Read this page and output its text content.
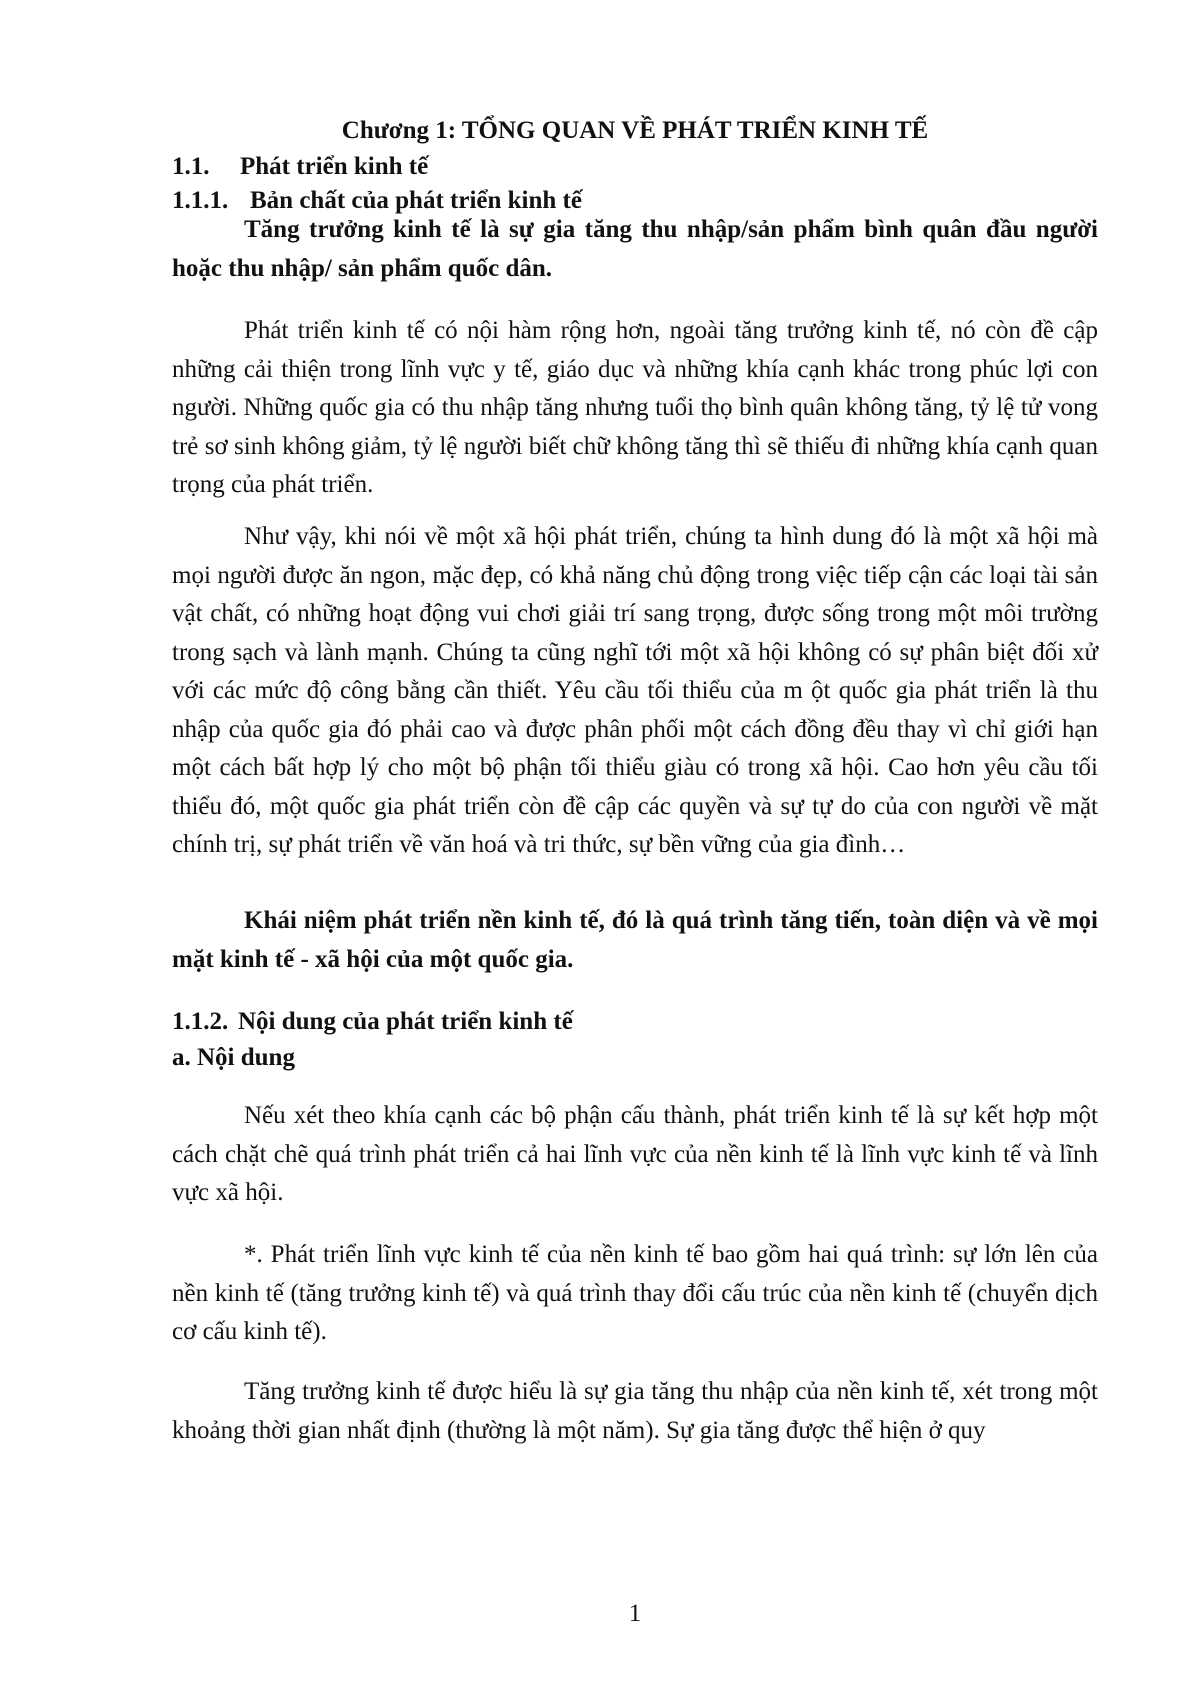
Chương 1: TỔNG QUAN VỀ PHÁT TRIỂN KINH TẾ
1.1. Phát triển kinh tế
1.1.1. Bản chất của phát triển kinh tế

Tăng trưởng kinh tế là sự gia tăng thu nhập/sản phẩm bình quân đầu người hoặc thu nhập/ sản phẩm quốc dân.

Phát triển kinh tế có nội hàm rộng hơn, ngoài tăng trưởng kinh tế, nó còn đề cập những cải thiện trong lĩnh vực y tế, giáo dục và những khía cạnh khác trong phúc lợi con người. Những quốc gia có thu nhập tăng nhưng tuổi thọ bình quân không tăng, tỷ lệ tử vong trẻ sơ sinh không giảm, tỷ lệ người biết chữ không tăng thì sẽ thiếu đi những khía cạnh quan trọng của phát triển.

Như vậy, khi nói về một xã hội phát triển, chúng ta hình dung đó là một xã hội mà mọi người được ăn ngon, mặc đẹp, có khả năng chủ động trong việc tiếp cận các loại tài sản vật chất, có những hoạt động vui chơi giải trí sang trọng, được sống trong một môi trường trong sạch và lành mạnh. Chúng ta cũng nghĩ tới một xã hội không có sự phân biệt đối xử với các mức độ công bằng cần thiết. Yêu cầu tối thiểu của m ột quốc gia phát triển là thu nhập của quốc gia đó phải cao và được phân phối một cách đồng đều thay vì chỉ giới hạn một cách bất hợp lý cho một bộ phận tối thiểu giàu có trong xã hội. Cao hơn yêu cầu tối thiểu đó, một quốc gia phát triển còn đề cập các quyền và sự tự do của con người về mặt chính trị, sự phát triển về văn hoá và tri thức, sự bền vững của gia đình…

Khái niệm phát triển nền kinh tế, đó là quá trình tăng tiến, toàn diện và về mọi mặt kinh tế - xã hội của một quốc gia.

1.1.2. Nội dung của phát triển kinh tế
a. Nội dung

Nếu xét theo khía cạnh các bộ phận cấu thành, phát triển kinh tế là sự kết hợp một cách chặt chẽ quá trình phát triển cả hai lĩnh vực của nền kinh tế là lĩnh vực kinh tế và lĩnh vực xã hội.

*. Phát triển lĩnh vực kinh tế của nền kinh tế bao gồm hai quá trình: sự lớn lên của nền kinh tế (tăng trưởng kinh tế) và quá trình thay đổi cấu trúc của nền kinh tế (chuyển dịch cơ cấu kinh tế).

Tăng trưởng kinh tế được hiểu là sự gia tăng thu nhập của nền kinh tế, xét trong một khoảng thời gian nhất định (thường là một năm). Sự gia tăng được thể hiện ở quy

1
